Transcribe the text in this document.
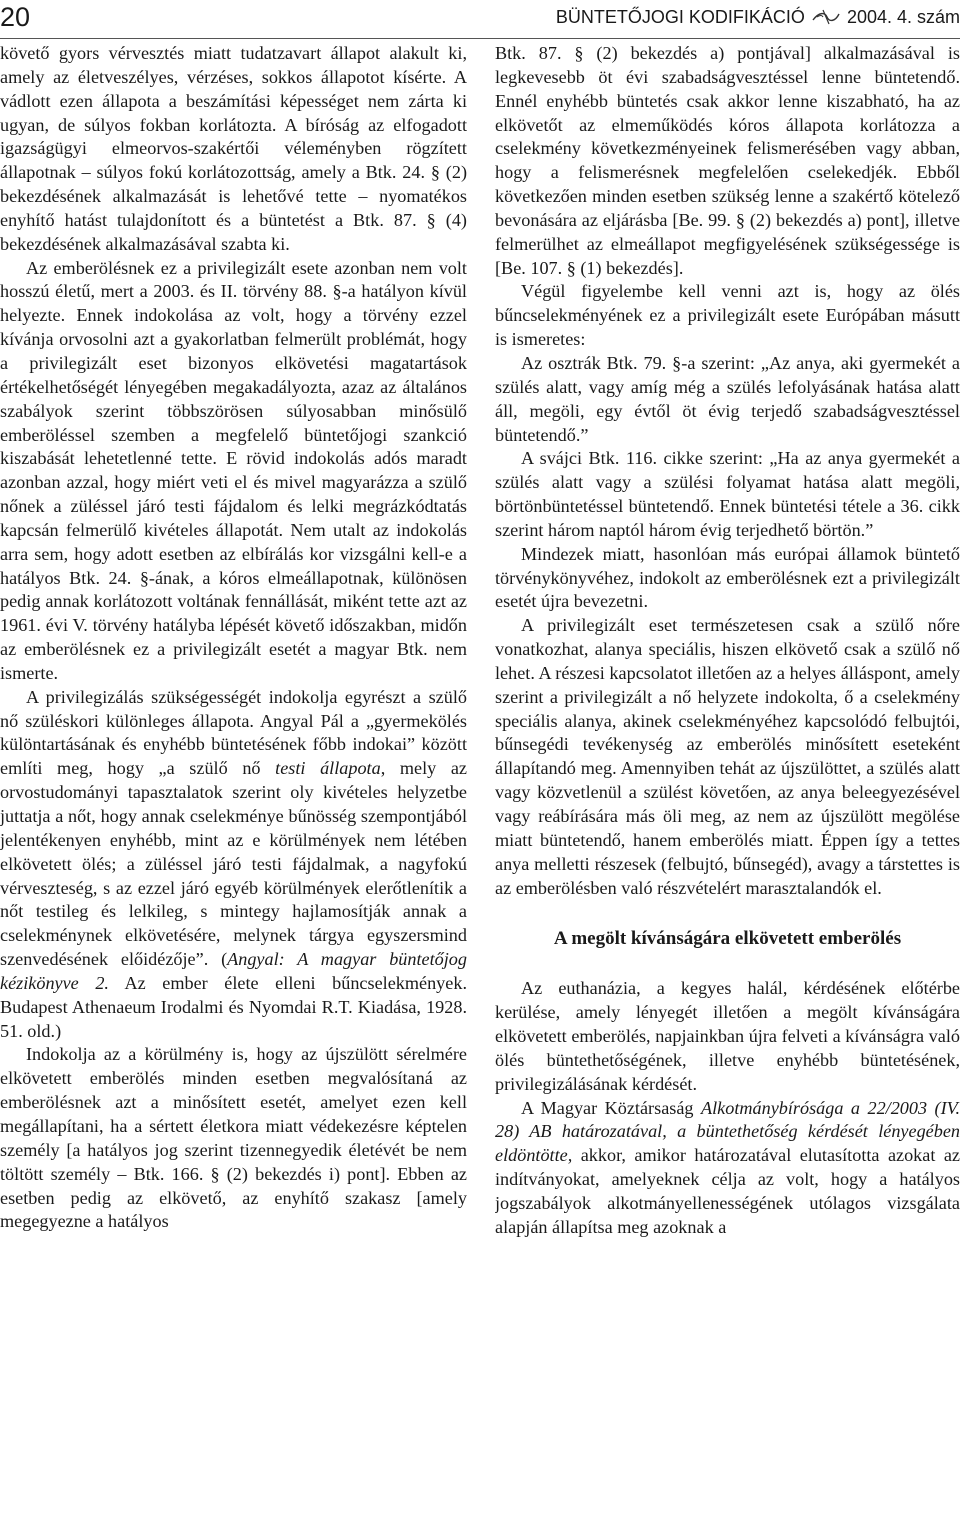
20	BÜNTETŐJOGI KODIFIKÁCIÓ 2004. 4. szám

követő gyors vérvesztés miatt tudatzavart állapot alakult ki, amely az életveszélyes, vérzéses, sokkos állapotot kísérte. A vádlott ezen állapota a beszámítási képességet nem zárta ki ugyan, de súlyos fokban korlátozta. A bíróság az elfogadott igazságügyi elmeorvos-szakértői véleményben rögzített állapotnak – súlyos fokú korlátozottság, amely a Btk. 24. § (2) bekezdésének alkalmazását is lehetővé tette – nyomatékos enyhítő hatást tulajdonított és a büntetést a Btk. 87. § (4) bekezdésének alkalmazásával szabta ki.

Az emberölésnek ez a privilegizált esete azonban nem volt hosszú életű, mert a 2003. és II. törvény 88. §-a hatályon kívül helyezte. Ennek indokolása az volt, hogy a törvény ezzel kívánja orvosolni azt a gyakorlatban felmerült problémát, hogy a privilegizált eset bizonyos elkövetési magatartások értékelhetőségét lényegében megakadályozta, azaz az általános szabályok szerint többszörösen súlyosabban minősülő emberöléssel szemben a megfelelő büntetőjogi szankció kiszabását lehetetlenné tette. E rövid indokolás adós maradt azonban azzal, hogy miért veti el és mivel magyarázza a szülő nőnek a züléssel járó testi fájdalom és lelki megrázkódtatás kapcsán felmerülő kivételes állapotát. Nem utalt az indokolás arra sem, hogy adott esetben az elbírálás kor vizsgálni kell-e a hatályos Btk. 24. §-ának, a kóros elmeállapotnak, különösen pedig annak korlátozott voltának fennállását, miként tette azt az 1961. évi V. törvény hatályba lépését követő időszakban, midőn az emberölésnek ez a privilegizált esetét a magyar Btk. nem ismerte.

A privilegizálás szükségességét indokolja egyrészt a szülő nő szüléskori különleges állapota. Angyal Pál a „gyermekölés különtartásának és enyhébb büntetésének főbb indokai” között említi meg, hogy „a szülő nő testi állapota, mely az orvostudományi tapasztalatok szerint oly kivételes helyzetbe juttatja a nőt, hogy annak cselekménye bűnösség szempontjából jelentékenyen enyhébb, mint az e körülmények nem létében elkövetett ölés; a züléssel járó testi fájdalmak, a nagyfokú vérveszteség, s az ezzel járó egyéb körülmények elerőtlenítik a nőt testileg és lelkileg, s mintegy hajlamosítják annak a cselekménynek elkövetésére, melynek tárgya egyszersmind szenvedésének előidézője”. (Angyal: A magyar büntetőjog kézikönyve 2. Az ember élete elleni bűncselekmények. Budapest Athenaeum Irodalmi és Nyomdai R.T. Kiadása, 1928. 51. old.)

Indokolja az a körülmény is, hogy az újszülött sérelmére elkövetett emberölés minden esetben megvalósítaná az emberölésnek azt a minősített esetét, amelyet ezen kell megállapítani, ha a sértett életkora miatt védekezésre képtelen személy [a hatályos jog szerint tizennegyedik életévét be nem töltött személy – Btk. 166. § (2) bekezdés i) pont]. Ebben az esetben pedig az elkövető, az enyhítő szakasz [amely megegyezne a hatályos

Btk. 87. § (2) bekezdés a) pontjával] alkalmazásával is legkevesebb öt évi szabadságvesztéssel lenne büntetendő. Ennél enyhébb büntetés csak akkor lenne kiszabható, ha az elkövetőt az elmeműködés kóros állapota korlátozza a cselekmény következményeinek felismerésében vagy abban, hogy a felismerésnek megfelelően cselekedjék. Ebből következően minden esetben szükség lenne a szakértő kötelező bevonására az eljárásba [Be. 99. § (2) bekezdés a) pont], illetve felmerülhet az elmeállapot megfigyelésének szükségessége is [Be. 107. § (1) bekezdés].

Végül figyelembe kell venni azt is, hogy az ölés bűncselekményének ez a privilegizált esete Európában másutt is ismeretes:

Az osztrák Btk. 79. §-a szerint: „Az anya, aki gyermekét a szülés alatt, vagy amíg még a szülés lefolyásának hatása alatt áll, megöli, egy évtől öt évig terjedő szabadságvesztéssel büntetendő.”

A svájci Btk. 116. cikke szerint: „Ha az anya gyermekét a szülés alatt vagy a szülési folyamat hatása alatt megöli, börtönbüntetéssel büntetendő. Ennek büntetési tétele a 36. cikk szerint három naptól három évig terjedhető börtön.”

Mindezek miatt, hasonlóan más európai államok büntető törvénykönyvéhez, indokolt az emberölésnek ezt a privilegizált esetét újra bevezetni.

A privilegizált eset természetesen csak a szülő nőre vonatkozhat, alanya speciális, hiszen elkövető csak a szülő nő lehet. A részesi kapcsolatot illetően az a helyes álláspont, amely szerint a privilegizált a nő helyzete indokolta, ő a cselekmény speciális alanya, akinek cselekményéhez kapcsolódó felbujtói, bűnsegédi tevékenység az emberölés minősített eseteként állapítandó meg. Amennyiben tehát az újszülöttet, a szülés alatt vagy közvetlenül a szülést követően, az anya beleegyezésével vagy reábírására más öli meg, az nem az újszülött megölése miatt büntetendő, hanem emberölés miatt. Éppen így a tettes anya melletti részesek (felbujtó, bűnsegéd), avagy a társtettes is az emberölésben való részvételért marasztalandók el.

A megölt kívánságára elkövetett emberölés

Az euthanázia, a kegyes halál, kérdésének előtérbe kerülése, amely lényegét illetően a megölt kívánságára elkövetett emberölés, napjainkban újra felveti a kívánságra való ölés büntethetőségének, illetve enyhébb büntetésének, privilegizálásának kérdését.

A Magyar Köztársaság Alkotmánybírósága a 22/2003 (IV. 28) AB határozatával, a büntethetőség kérdését lényegében eldöntötte, akkor, amikor határozatával elutasította azokat az indítványokat, amelyeknek célja az volt, hogy a hatályos jogszabályok alkotmányellenességének utólagos vizsgálata alapján állapítsa meg azoknak a
